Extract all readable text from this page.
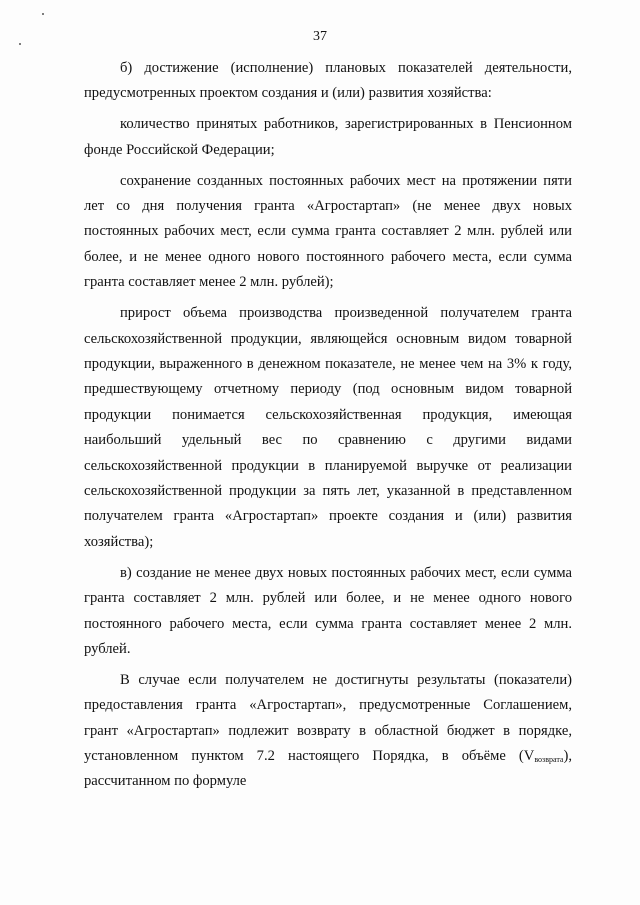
37

б) достижение (исполнение) плановых показателей деятельности, предусмотренных проектом создания и (или) развития хозяйства:

количество принятых работников, зарегистрированных в Пенсионном фонде Российской Федерации;

сохранение созданных постоянных рабочих мест на протяжении пяти лет со дня получения гранта «Агростартап» (не менее двух новых постоянных рабочих мест, если сумма гранта составляет 2 млн. рублей или более, и не менее одного нового постоянного рабочего места, если сумма гранта составляет менее 2 млн. рублей);

прирост объема производства произведенной получателем гранта сельскохозяйственной продукции, являющейся основным видом товарной продукции, выраженного в денежном показателе, не менее чем на 3% к году, предшествующему отчетному периоду (под основным видом товарной продукции понимается сельскохозяйственная продукция, имеющая наибольший удельный вес по сравнению с другими видами сельскохозяйственной продукции в планируемой выручке от реализации сельскохозяйственной продукции за пять лет, указанной в представленном получателем гранта «Агростартап» проекте создания и (или) развития хозяйства);

в) создание не менее двух новых постоянных рабочих мест, если сумма гранта составляет 2 млн. рублей или более, и не менее одного нового постоянного рабочего места, если сумма гранта составляет менее 2 млн. рублей.

В случае если получателем не достигнуты результаты (показатели) предоставления гранта «Агростартап», предусмотренные Соглашением, грант «Агростартап» подлежит возврату в областной бюджет в порядке, установленном пунктом 7.2 настоящего Порядка, в объёме $(V_{возврата})$, рассчитанном по формуле
